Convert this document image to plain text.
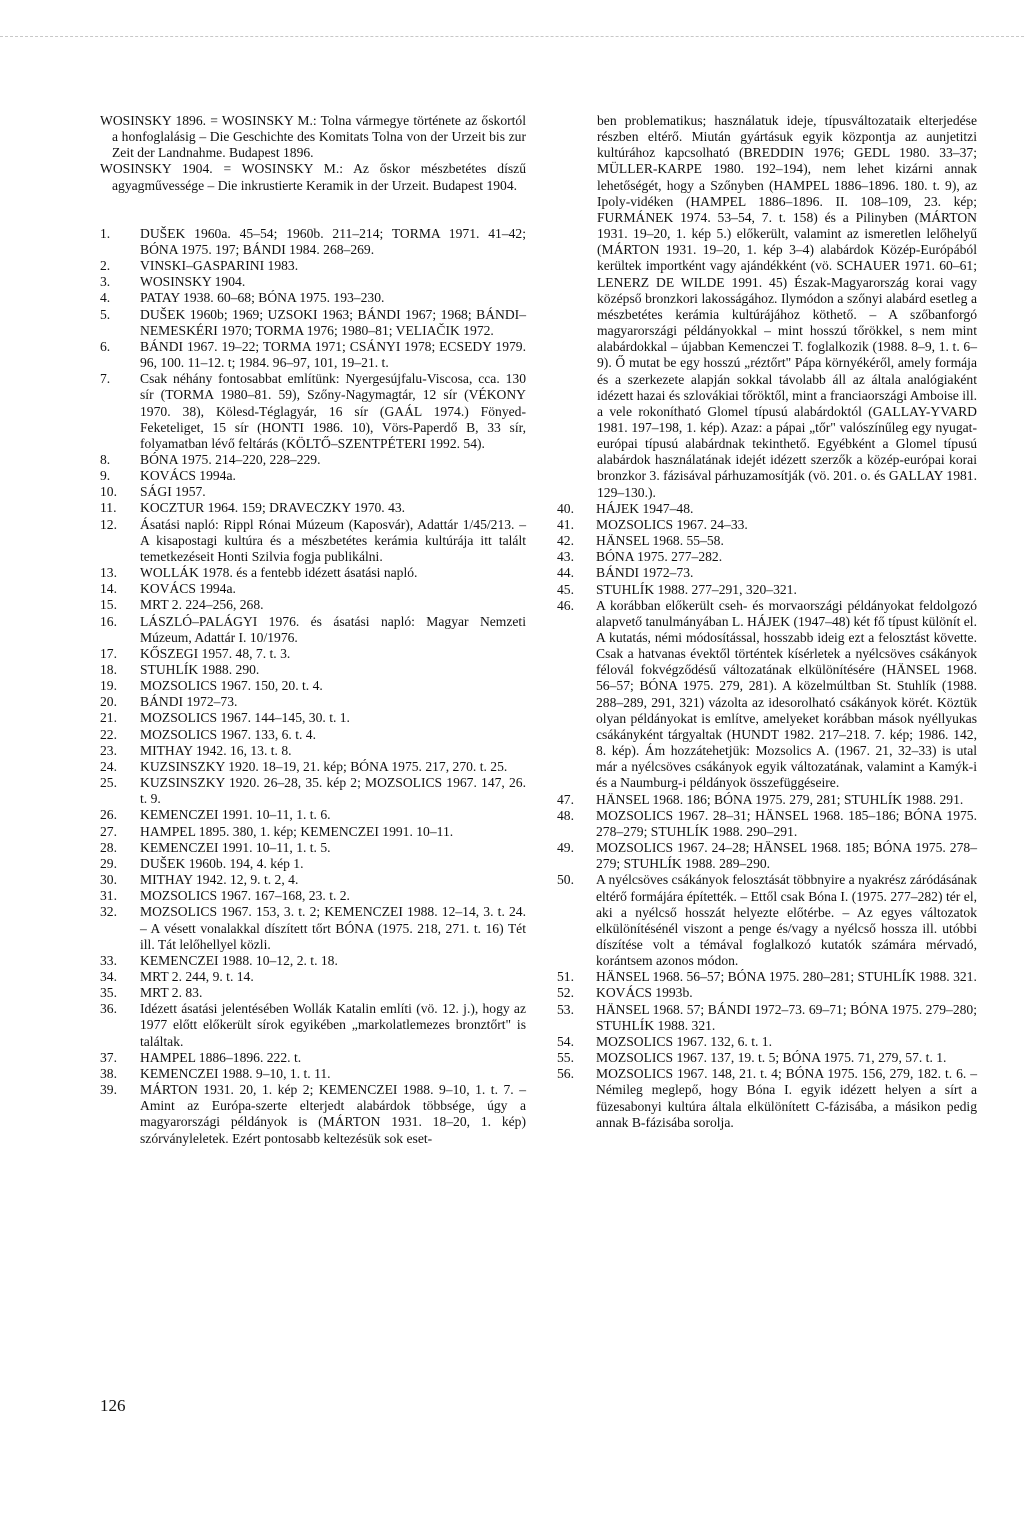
WOSINSKY 1896. = WOSINSKY M.: Tolna vármegye története az őskortól a honfoglalásig – Die Geschichte des Komitats Tolna von der Urzeit bis zur Zeit der Landnahme. Budapest 1896.

WOSINSKY 1904. = WOSINSKY M.: Az őskor mészbetétes díszű agyagművessége – Die inkrustierte Keramik in der Urzeit. Budapest 1904.

1.	DUŠEK 1960a. 45–54; 1960b. 211–214; TORMA 1971. 41–42; BÓNA 1975. 197; BÁNDI 1984. 268–269.
2.	VINSKI–GASPARINI 1983.
3.	WOSINSKY 1904.
4.	PATAY 1938. 60–68; BÓNA 1975. 193–230.
5.	DUŠEK 1960b; 1969; UZSOKI 1963; BÁNDI 1967; 1968; BÁNDI–NEMESKÉRI 1970; TORMA 1976; 1980–81; VELIAČIK 1972.
6.	BÁNDI 1967. 19–22; TORMA 1971; CSÁNYI 1978; ECSEDY 1979. 96, 100. 11–12. t; 1984. 96–97, 101, 19–21. t.
7.	Csak néhány fontosabbat említünk: Nyergesújfalu-Viscosa, cca. 130 sír (TORMA 1980–81. 59), Szőny-Nagymagtár, 12 sír (VÉKONY 1970. 38), Kölesd-Téglagyár, 16 sír (GAÁL 1974.) Fönyed-Feketeliget, 15 sír (HONTI 1986. 10), Vörs-Paperdő B, 33 sír, folyamatban lévő feltárás (KÖLTŐ–SZENTPÉTERI 1992. 54).
8.	BÓNA 1975. 214–220, 228–229.
9.	KOVÁCS 1994a.
10.	SÁGI 1957.
11.	KOCZTUR 1964. 159; DRAVECZKY 1970. 43.
12.	Ásatási napló: Rippl Rónai Múzeum (Kaposvár), Adattár 1/45/213. – A kisapostagi kultúra és a mészbetétes kerámia kultúrája itt talált temetkezéseit Honti Szilvia fogja publikálni.
13.	WOLLÁK 1978. és a fentebb idézett ásatási napló.
14.	KOVÁCS 1994a.
15.	MRT 2. 224–256, 268.
16.	LÁSZLÓ–PALÁGYI 1976. és ásatási napló: Magyar Nemzeti Múzeum, Adattár I. 10/1976.
17.	KŐSZEGI 1957. 48, 7. t. 3.
18.	STUHLÍK 1988. 290.
19.	MOZSOLICS 1967. 150, 20. t. 4.
20.	BÁNDI 1972–73.
21.	MOZSOLICS 1967. 144–145, 30. t. 1.
22.	MOZSOLICS 1967. 133, 6. t. 4.
23.	MITHAY 1942. 16, 13. t. 8.
24.	KUZSINSZKY 1920. 18–19, 21. kép; BÓNA 1975. 217, 270. t. 25.
25.	KUZSINSZKY 1920. 26–28, 35. kép 2; MOZSOLICS 1967. 147, 26. t. 9.
26.	KEMENCZEI 1991. 10–11, 1. t. 6.
27.	HAMPEL 1895. 380, 1. kép; KEMENCZEI 1991. 10–11.
28.	KEMENCZEI 1991. 10–11, 1. t. 5.
29.	DUŠEK 1960b. 194, 4. kép 1.
30.	MITHAY 1942. 12, 9. t. 2, 4.
31.	MOZSOLICS 1967. 167–168, 23. t. 2.
32.	MOZSOLICS 1967. 153, 3. t. 2; KEMENCZEI 1988. 12–14, 3. t. 24. – A vésett vonalakkal díszített tőrt BÓNA (1975. 218, 271. t. 16) Tét ill. Tát lelőhellyel közli.
33.	KEMENCZEI 1988. 10–12, 2. t. 18.
34.	MRT 2. 244, 9. t. 14.
35.	MRT 2. 83.
36.	Idézett ásatási jelentésében Wollák Katalin említi (vö. 12. j.), hogy az 1977 előtt előkerült sírok egyikében „markolatlemezes bronztőrt" is találtak.
37.	HAMPEL 1886–1896. 222. t.
38.	KEMENCZEI 1988. 9–10, 1. t. 11.
39.	MÁRTON 1931. 20, 1. kép 2; KEMENCZEI 1988. 9–10, 1. t. 7. – Amint az Európa-szerte elterjedt alabárdok többsége, úgy a magyarországi példányok is (MÁRTON 1931. 18–20, 1. kép) szórványleletek. Ezért pontosabb keltezésük sok eset-

ben problematikus; használatuk ideje, típusváltozataik elterjedése részben eltérő. Miután gyártásuk egyik központja az aunjetitzi kultúrához kapcsolható (BREDDIN 1976; GEDL 1980. 33–37; MÜLLER-KARPE 1980. 192–194), nem lehet kizárni annak lehetőségét, hogy a Szőnyben (HAMPEL 1886–1896. 180. t. 9), az Ipoly-vidéken (HAMPEL 1886–1896. II. 108–109, 23. kép; FURMÁNEK 1974. 53–54, 7. t. 158) és a Pilinyben (MÁRTON 1931. 19–20, 1. kép 5.) előkerült, valamint az ismeretlen lelőhelyű (MÁRTON 1931. 19–20, 1. kép 3–4) alabárdok Közép-Európából kerültek importként vagy ajándékként (vö. SCHAUER 1971. 60–61; LENERZ DE WILDE 1991. 45) Észak-Magyarország korai vagy középső bronzkori lakosságához. Ilymódon a szőnyi alabárd esetleg a mészbetétes kerámia kultúrájához köthető. – A szőbanforgó magyarországi példányokkal – mint hosszú tőrökkel, s nem mint alabárdokkal – újabban Kemenczei T. foglalkozik (1988. 8–9, 1. t. 6–9). Ő mutat be egy hosszú „réztőrt" Pápa környékéről, amely formája és a szerkezete alapján sokkal távolabb áll az általa analógiaként idézett hazai és szlovákiai tőröktől, mint a franciaországi Amboise ill. a vele rokonítható Glomel típusú alabárdoktól (GALLAY-YVARD 1981. 197–198, 1. kép). Azaz: a pápai „tőr" valószínűleg egy nyugat-európai típusú alabárdnak tekinthető. Egyébként a Glomel típusú alabárdok használatának idejét idézett szerzők a közép-európai korai bronzkor 3. fázisával párhuzamosítják (vö. 201. o. és GALLAY 1981. 129–130.).

40.	HÁJEK 1947–48.
41.	MOZSOLICS 1967. 24–33.
42.	HÄNSEL 1968. 55–58.
43.	BÓNA 1975. 277–282.
44.	BÁNDI 1972–73.
45.	STUHLÍK 1988. 277–291, 320–321.
46.	A korábban előkerült cseh- és morvaországi példányokat feldolgozó alapvető tanulmányában L. HÁJEK (1947–48) két fő típust különít el. A kutatás, némi módosítással, hosszabb ideig ezt a felosztást követte. Csak a hatvanas évektől történtek kísérletek a nyélcsöves csákányok félovál fokvégződésű változatának elkülönítésére (HÄNSEL 1968. 56–57; BÓNA 1975. 279, 281). A közelmúltban St. Stuhlík (1988. 288–289, 291, 321) vázolta az idesorolható csákányok körét. Köztük olyan példányokat is említve, amelyeket korábban mások nyéllyukas csákányként tárgyaltak (HUNDT 1982. 217–218. 7. kép; 1986. 142, 8. kép). Ám hozzátehetjük: Mozsolics A. (1967. 21, 32–33) is utal már a nyélcsöves csákányok egyik változatának, valamint a Kamýk-i és a Naumburg-i példányok összefüggéseire.
47.	HÄNSEL 1968. 186; BÓNA 1975. 279, 281; STUHLÍK 1988. 291.
48.	MOZSOLICS 1967. 28–31; HÄNSEL 1968. 185–186; BÓNA 1975. 278–279; STUHLÍK 1988. 290–291.
49.	MOZSOLICS 1967. 24–28; HÄNSEL 1968. 185; BÓNA 1975. 278–279; STUHLÍK 1988. 289–290.
50.	A nyélcsöves csákányok felosztását többnyire a nyakrész záródásának eltérő formájára építették. – Ettől csak Bóna I. (1975. 277–282) tér el, aki a nyélcső hosszát helyezte előtérbe. – Az egyes változatok elkülönítésénél viszont a penge és/vagy a nyélcső hossza ill. utóbbi díszítése volt a témával foglalkozó kutatók számára mérvadó, korántsem azonos módon.
51.	HÄNSEL 1968. 56–57; BÓNA 1975. 280–281; STUHLÍK 1988. 321.
52.	KOVÁCS 1993b.
53.	HÄNSEL 1968. 57; BÁNDI 1972–73. 69–71; BÓNA 1975. 279–280; STUHLÍK 1988. 321.
54.	MOZSOLICS 1967. 132, 6. t. 1.
55.	MOZSOLICS 1967. 137, 19. t. 5; BÓNA 1975. 71, 279, 57. t. 1.
56.	MOZSOLICS 1967. 148, 21. t. 4; BÓNA 1975. 156, 279, 182. t. 6. – Némileg meglepő, hogy Bóna I. egyik idézett helyen a sírt a füzesabonyi kultúra általa elkülönített C-fázisába, a másikon pedig annak B-fázisába sorolja.
126
